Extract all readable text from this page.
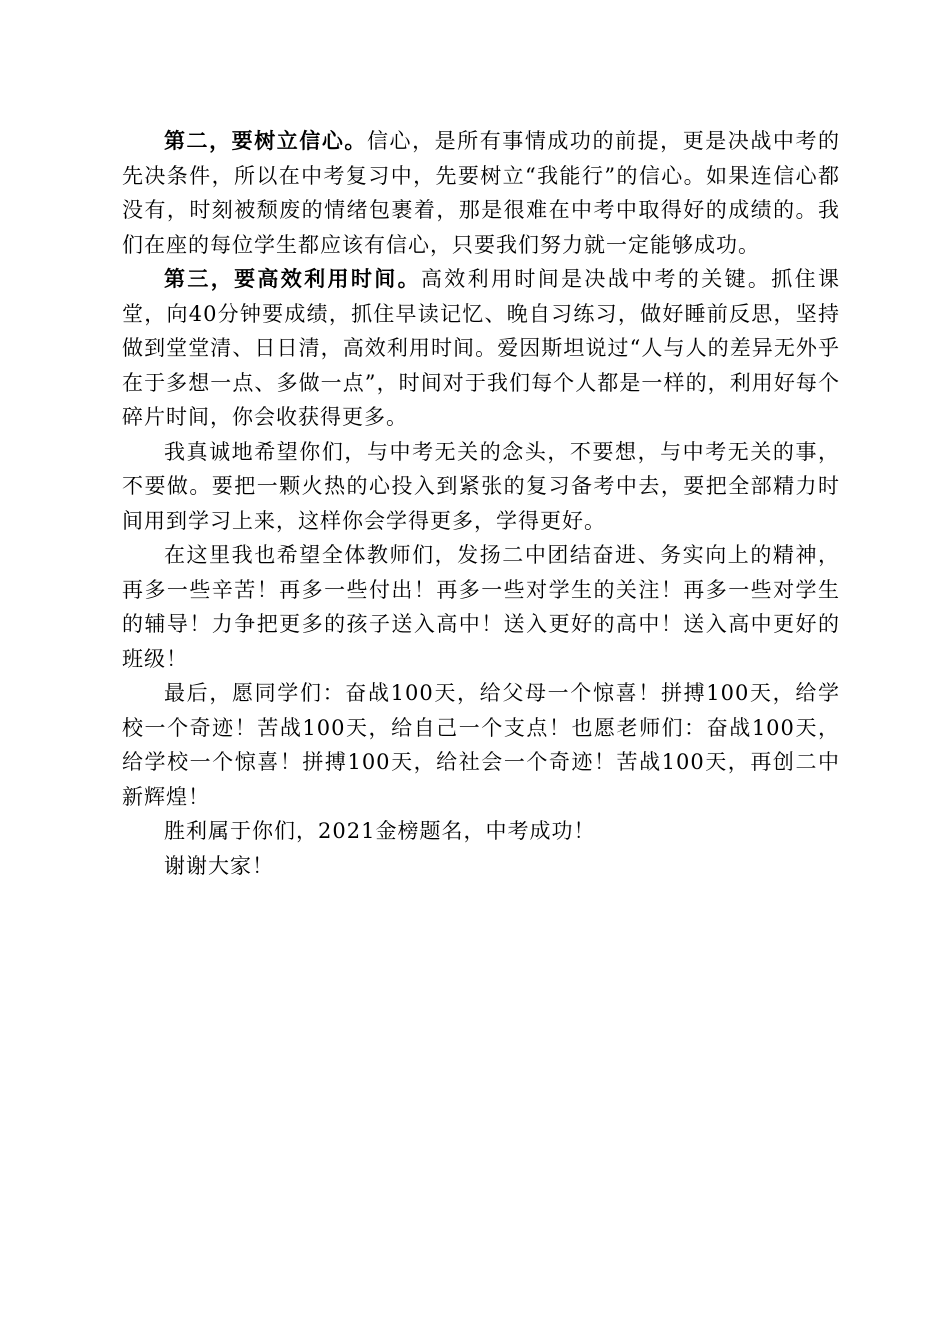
第二，要树立信心。信心，是所有事情成功的前提，更是决战中考的先决条件，所以在中考复习中，先要树立“我能行”的信心。如果连信心都没有，时刻被颓废的情绪包裹着，那是很难在中考中取得好的成绩的。我们在座的每位学生都应该有信心，只要我们努力就一定能够成功。

第三，要高效利用时间。高效利用时间是决战中考的关键。抓住课堂，向40分钟要成绩，抓住早读记忆、晚自习练习，做好睡前反思，坚持做到堂堂清、日日清，高效利用时间。爱因斯坦说过“人与人的差异无外乎在于多想一点、多做一点”，时间对于我们每个人都是一样的，利用好每个碎片时间，你会收获得更多。

我真诚地希望你们，与中考无关的念头，不要想，与中考无关的事，不要做。要把一颗火热的心投入到紧张的复习备考中去，要把全部精力时间用到学习上来，这样你会学得更多，学得更好。

在这里我也希望全体教师们，发扬二中团结奋进、务实向上的精神，再多一些辛苦！再多一些付出！再多一些对学生的关注！再多一些对学生的辅导！力争把更多的孩子送入高中！送入更好的高中！送入高中更好的班级！

最后，愿同学们：奋战100天，给父母一个惊喜！拼搏100天，给学校一个奇迹！苦战100天，给自己一个支点！也愿老师们：奋战100天，给学校一个惊喜！拼搏100天，给社会一个奇迹！苦战100天，再创二中新辉煌！

胜利属于你们，2021金榜题名，中考成功！

谢谢大家！
